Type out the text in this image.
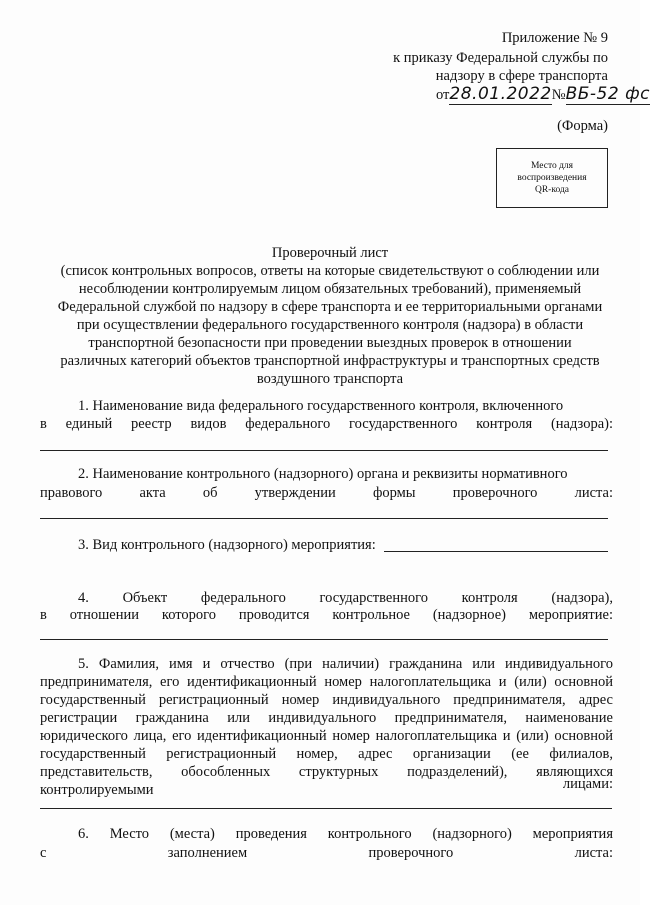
Приложение № 9
к приказу Федеральной службы по
надзору в сфере транспорта
от28.01.2022№ВБ-52 фс
(Форма)
Место для
воспроизведения
QR-кода
Проверочный лист
(список контрольных вопросов, ответы на которые свидетельствуют о соблюдении или
несоблюдении контролируемым лицом обязательных требований), применяемый
Федеральной службой по надзору в сфере транспорта и ее территориальными органами
при осуществлении федерального государственного контроля (надзора) в области
транспортной безопасности при проведении выездных проверок в отношении
различных категорий объектов транспортной инфраструктуры и транспортных средств
воздушного транспорта
1. Наименование вида федерального государственного контроля, включенного
в единый реестр видов федерального государственного контроля (надзора):
2. Наименование контрольного (надзорного) органа и реквизиты нормативного
правового акта об утверждении формы проверочного листа:
3. Вид контрольного (надзорного) мероприятия:
4. Объект федерального государственного контроля (надзора),
в отношении которого проводится контрольное (надзорное) мероприятие:
5. Фамилия, имя и отчество (при наличии) гражданина или индивидуального
предпринимателя, его идентификационный номер налогоплательщика и (или) основной
государственный регистрационный номер индивидуального предпринимателя, адрес
регистрации гражданина или индивидуального предпринимателя, наименование
юридического лица, его идентификационный номер налогоплательщика и (или) основной
государственный регистрационный номер, адрес организации (ее филиалов,
представительств, обособленных структурных подразделений), являющихся
контролируемыми	лицами:
6. Место (места) проведения контрольного (надзорного) мероприятия
с заполнением проверочного листа:
